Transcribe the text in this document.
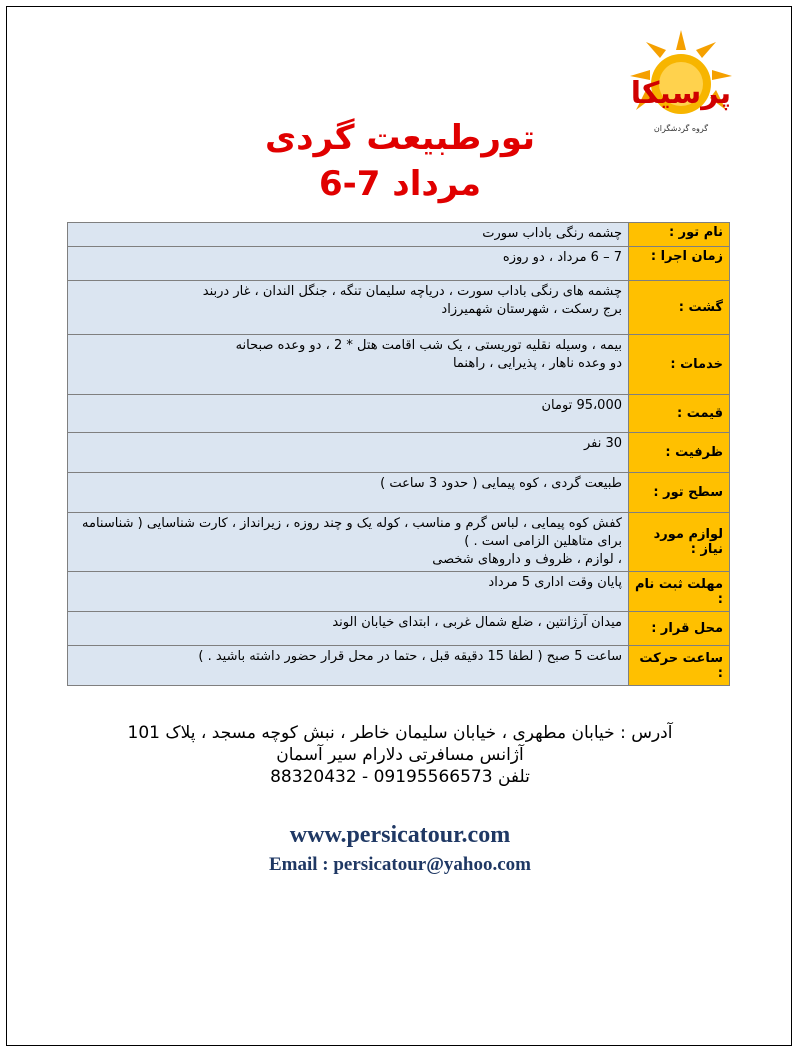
پرسیکا
گروه گردشگران
تورطبیعت گردی
6-7 مرداد
نام تور :	چشمه رنگی باداب سورت
زمان اجرا :	7 – 6 مرداد ، دو روزه
گشت :	چشمه های رنگی باداب سورت ، دریاچه سلیمان تنگه ، جنگل الندان ، غار دربند
برج رسکت ، شهرستان شهمیرزاد
خدمات :	بیمه ، وسیله نقلیه توریستی ، یک شب اقامت هتل * 2 ، دو وعده صبحانه
دو وعده ناهار ، پذیرایی ، راهنما
قیمت :	95،000 تومان
ظرفیت :	30 نفر
سطح تور :	طبیعت گردی ، کوه پیمایی ( حدود 3 ساعت )
لوازم مورد نیاز :	کفش کوه پیمایی ، لباس گرم و مناسب ، کوله یک و چند روزه ، زیرانداز ، کارت شناسایی ( شناسنامه برای متاهلین الزامی است . )
، لوازم ، ظروف و داروهای شخصی
مهلت ثبت نام :	پایان وقت اداری 5 مرداد
محل قرار :	میدان آرژانتین ، ضلع شمال غربی ، ابتدای خیابان الوند
ساعت حرکت :	ساعت 5 صبح ( لطفا 15 دقیقه قبل ، حتما در محل قرار حضور داشته باشید . )
آدرس : خیابان مطهری ، خیابان سلیمان خاطر ، نبش کوچه مسجد ، پلاک 101
آژانس مسافرتی دلارام سیر آسمان
تلفن 09195566573 - 88320432
www.persicatour.com
Email : persicatour@yahoo.com
